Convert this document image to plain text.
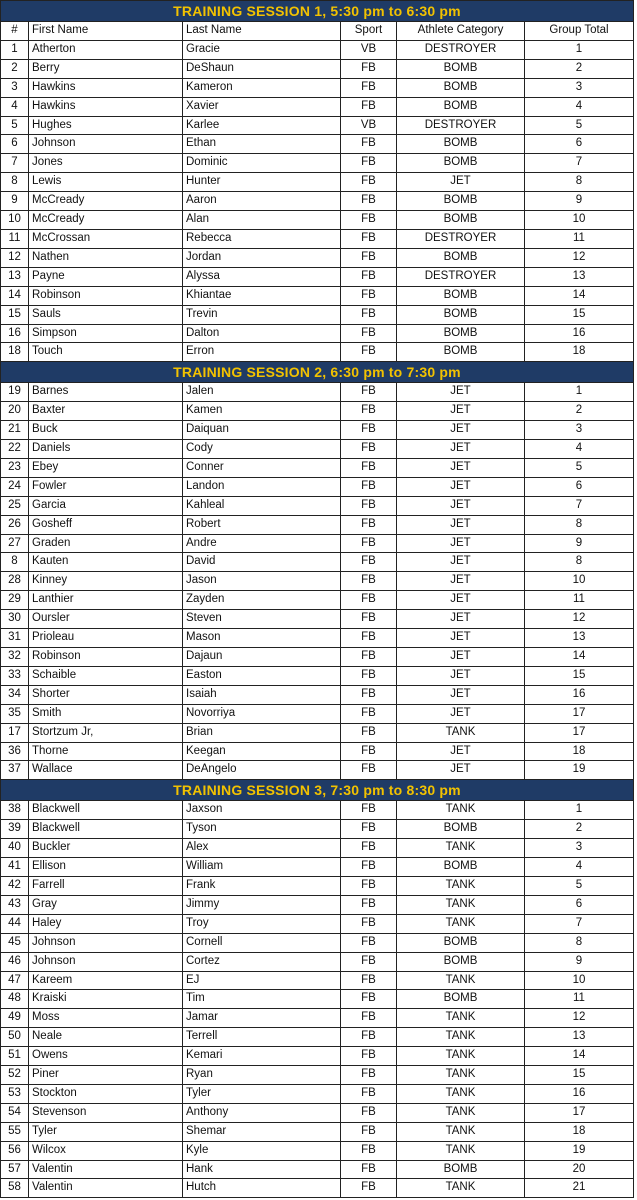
TRAINING SESSION 1, 5:30 pm to 6:30 pm					
#	First Name	Last Name	Sport	Athlete Category	Group Total
1	Atherton	Gracie	VB	DESTROYER	1
2	Berry	DeShaun	FB	BOMB	2
3	Hawkins	Kameron	FB	BOMB	3
4	Hawkins	Xavier	FB	BOMB	4
5	Hughes	Karlee	VB	DESTROYER	5
6	Johnson	Ethan	FB	BOMB	6
7	Jones	Dominic	FB	BOMB	7
8	Lewis	Hunter	FB	JET	8
9	McCready	Aaron	FB	BOMB	9
10	McCready	Alan	FB	BOMB	10
11	McCrossan	Rebecca	FB	DESTROYER	11
12	Nathen	Jordan	FB	BOMB	12
13	Payne	Alyssa	FB	DESTROYER	13
14	Robinson	Khiantae	FB	BOMB	14
15	Sauls	Trevin	FB	BOMB	15
16	Simpson	Dalton	FB	BOMB	16
18	Touch	Erron	FB	BOMB	18
TRAINING SESSION 2, 6:30 pm to 7:30 pm					
19	Barnes	Jalen	FB	JET	1
20	Baxter	Kamen	FB	JET	2
21	Buck	Daiquan	FB	JET	3
22	Daniels	Cody	FB	JET	4
23	Ebey	Conner	FB	JET	5
24	Fowler	Landon	FB	JET	6
25	Garcia	Kahleal	FB	JET	7
26	Gosheff	Robert	FB	JET	8
27	Graden	Andre	FB	JET	9
8	Kauten	David	FB	JET	8
28	Kinney	Jason	FB	JET	10
29	Lanthier	Zayden	FB	JET	11
30	Oursler	Steven	FB	JET	12
31	Prioleau	Mason	FB	JET	13
32	Robinson	Dajaun	FB	JET	14
33	Schaible	Easton	FB	JET	15
34	Shorter	Isaiah	FB	JET	16
35	Smith	Novorriya	FB	JET	17
17	Stortzum Jr,	Brian	FB	TANK	17
36	Thorne	Keegan	FB	JET	18
37	Wallace	DeAngelo	FB	JET	19
TRAINING SESSION 3, 7:30 pm to 8:30 pm					
38	Blackwell	Jaxson	FB	TANK	1
39	Blackwell	Tyson	FB	BOMB	2
40	Buckler	Alex	FB	TANK	3
41	Ellison	William	FB	BOMB	4
42	Farrell	Frank	FB	TANK	5
43	Gray	Jimmy	FB	TANK	6
44	Haley	Troy	FB	TANK	7
45	Johnson	Cornell	FB	BOMB	8
46	Johnson	Cortez	FB	BOMB	9
47	Kareem	EJ	FB	TANK	10
48	Kraiski	Tim	FB	BOMB	11
49	Moss	Jamar	FB	TANK	12
50	Neale	Terrell	FB	TANK	13
51	Owens	Kemari	FB	TANK	14
52	Piner	Ryan	FB	TANK	15
53	Stockton	Tyler	FB	TANK	16
54	Stevenson	Anthony	FB	TANK	17
55	Tyler	Shemar	FB	TANK	18
56	Wilcox	Kyle	FB	TANK	19
57	Valentin	Hank	FB	BOMB	20
58	Valentin	Hutch	FB	TANK	21
